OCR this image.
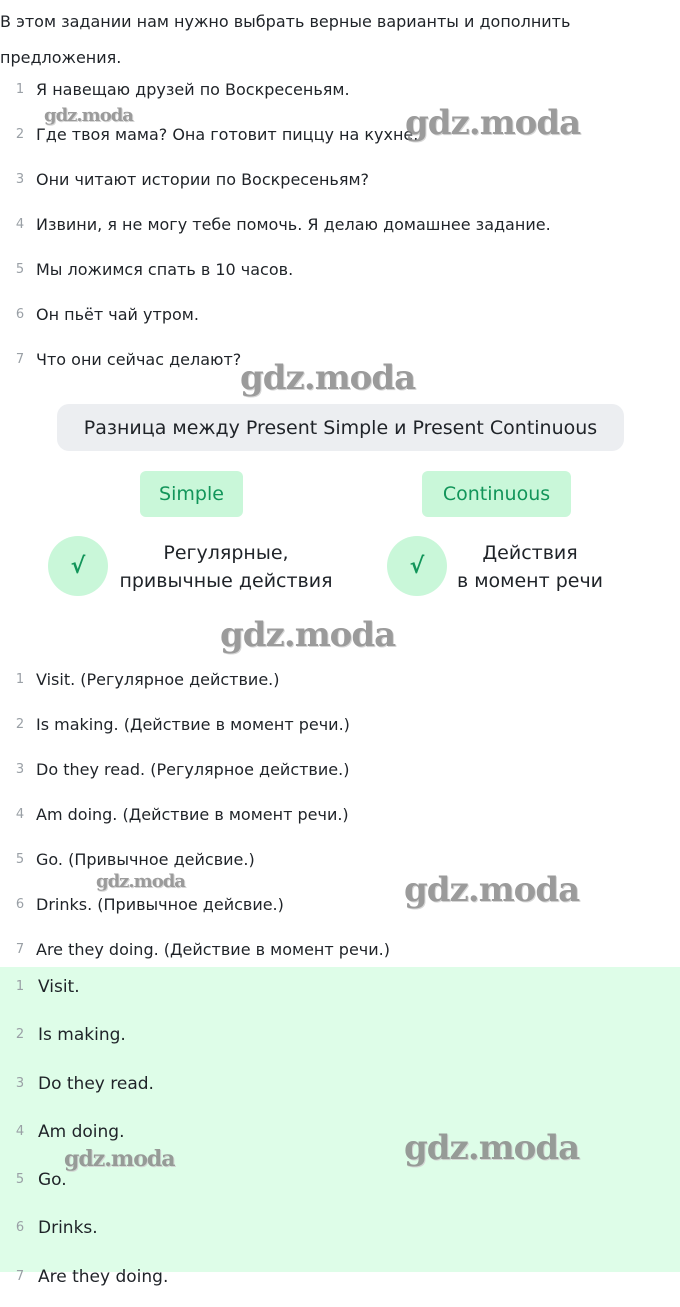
В этом задании нам нужно выбрать верные варианты и дополнить предложения.
1 Я навещаю друзей по Воскресеньям.
2 Где твоя мама? Она готовит пиццу на кухне.
3 Они читают истории по Воскресеньям?
4 Извини, я не могу тебе помочь. Я делаю домашнее задание.
5 Мы ложимся спать в 10 часов.
6 Он пьёт чай утром.
7 Что они сейчас делают?
Разница между Present Simple и Present Continuous
Simple	Continuous
√
Регулярные,
привычные действия
√
Действия
в момент речи
1 Visit. (Регулярное действие.)
2 Is making. (Действие в момент речи.)
3 Do they read. (Регулярное действие.)
4 Am doing. (Действие в момент речи.)
5 Go. (Привычное дейсвие.)
6 Drinks. (Привычное дейсвие.)
7 Are they doing. (Действие в момент речи.)
1 Visit.
2 Is making.
3 Do they read.
4 Am doing.
5 Go.
6 Drinks.
7 Are they doing.
gdz.moda	gdz.moda
gdz.moda
gdz.moda
gdz.moda	gdz.moda
gdz.moda
gdz.moda
